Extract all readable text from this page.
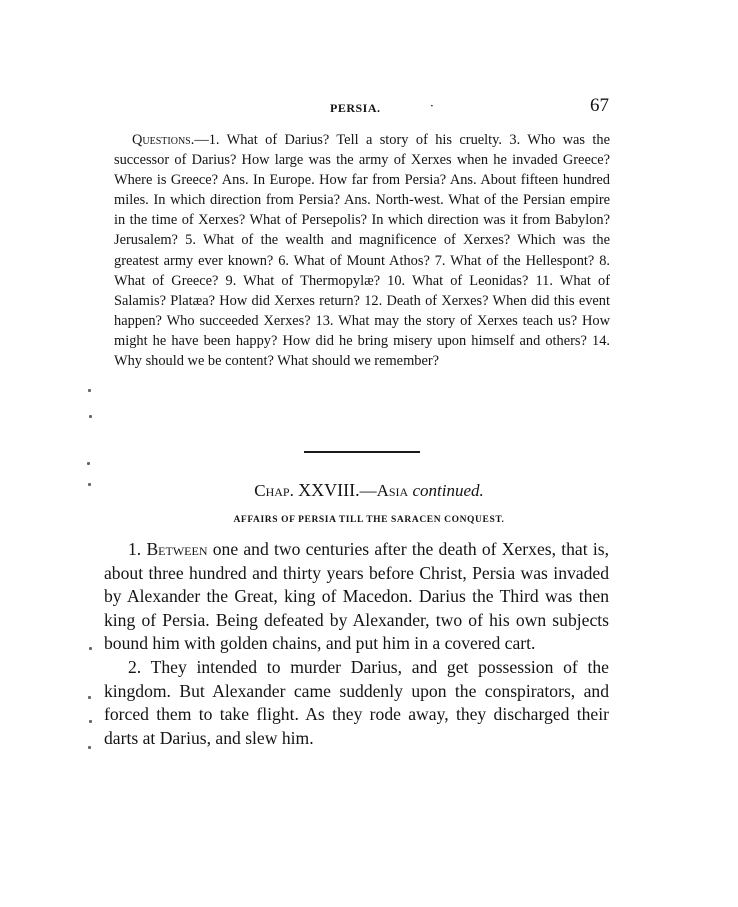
PERSIA.	·	67
Questions.—1. What of Darius? Tell a story of his cruelty. 3. Who was the successor of Darius? How large was the army of Xerxes when he invaded Greece? Where is Greece? Ans. In Europe. How far from Persia? Ans. About fifteen hundred miles. In which direction from Persia? Ans. North-west. What of the Persian empire in the time of Xerxes? What of Persepolis? In which direction was it from Babylon? Jerusalem? 5. What of the wealth and magnificence of Xerxes? Which was the greatest army ever known? 6. What of Mount Athos? 7. What of the Hellespont? 8. What of Greece? 9. What of Thermopylæ? 10. What of Leonidas? 11. What of Salamis? Platæa? How did Xerxes return? 12. Death of Xerxes? When did this event happen? Who succeeded Xerxes? 13. What may the story of Xerxes teach us? How might he have been happy? How did he bring misery upon himself and others? 14. Why should we be content? What should we remember?
Chap. XXVIII.—Asia continued.
AFFAIRS OF PERSIA TILL THE SARACEN CONQUEST.

1. Between one and two centuries after the death of Xerxes, that is, about three hundred and thirty years before Christ, Persia was invaded by Alexander the Great, king of Macedon. Darius the Third was then king of Persia. Being defeated by Alexander, two of his own subjects bound him with golden chains, and put him in a covered cart.

2. They intended to murder Darius, and get possession of the kingdom. But Alexander came suddenly upon the conspirators, and forced them to take flight. As they rode away, they discharged their darts at Darius, and slew him.
